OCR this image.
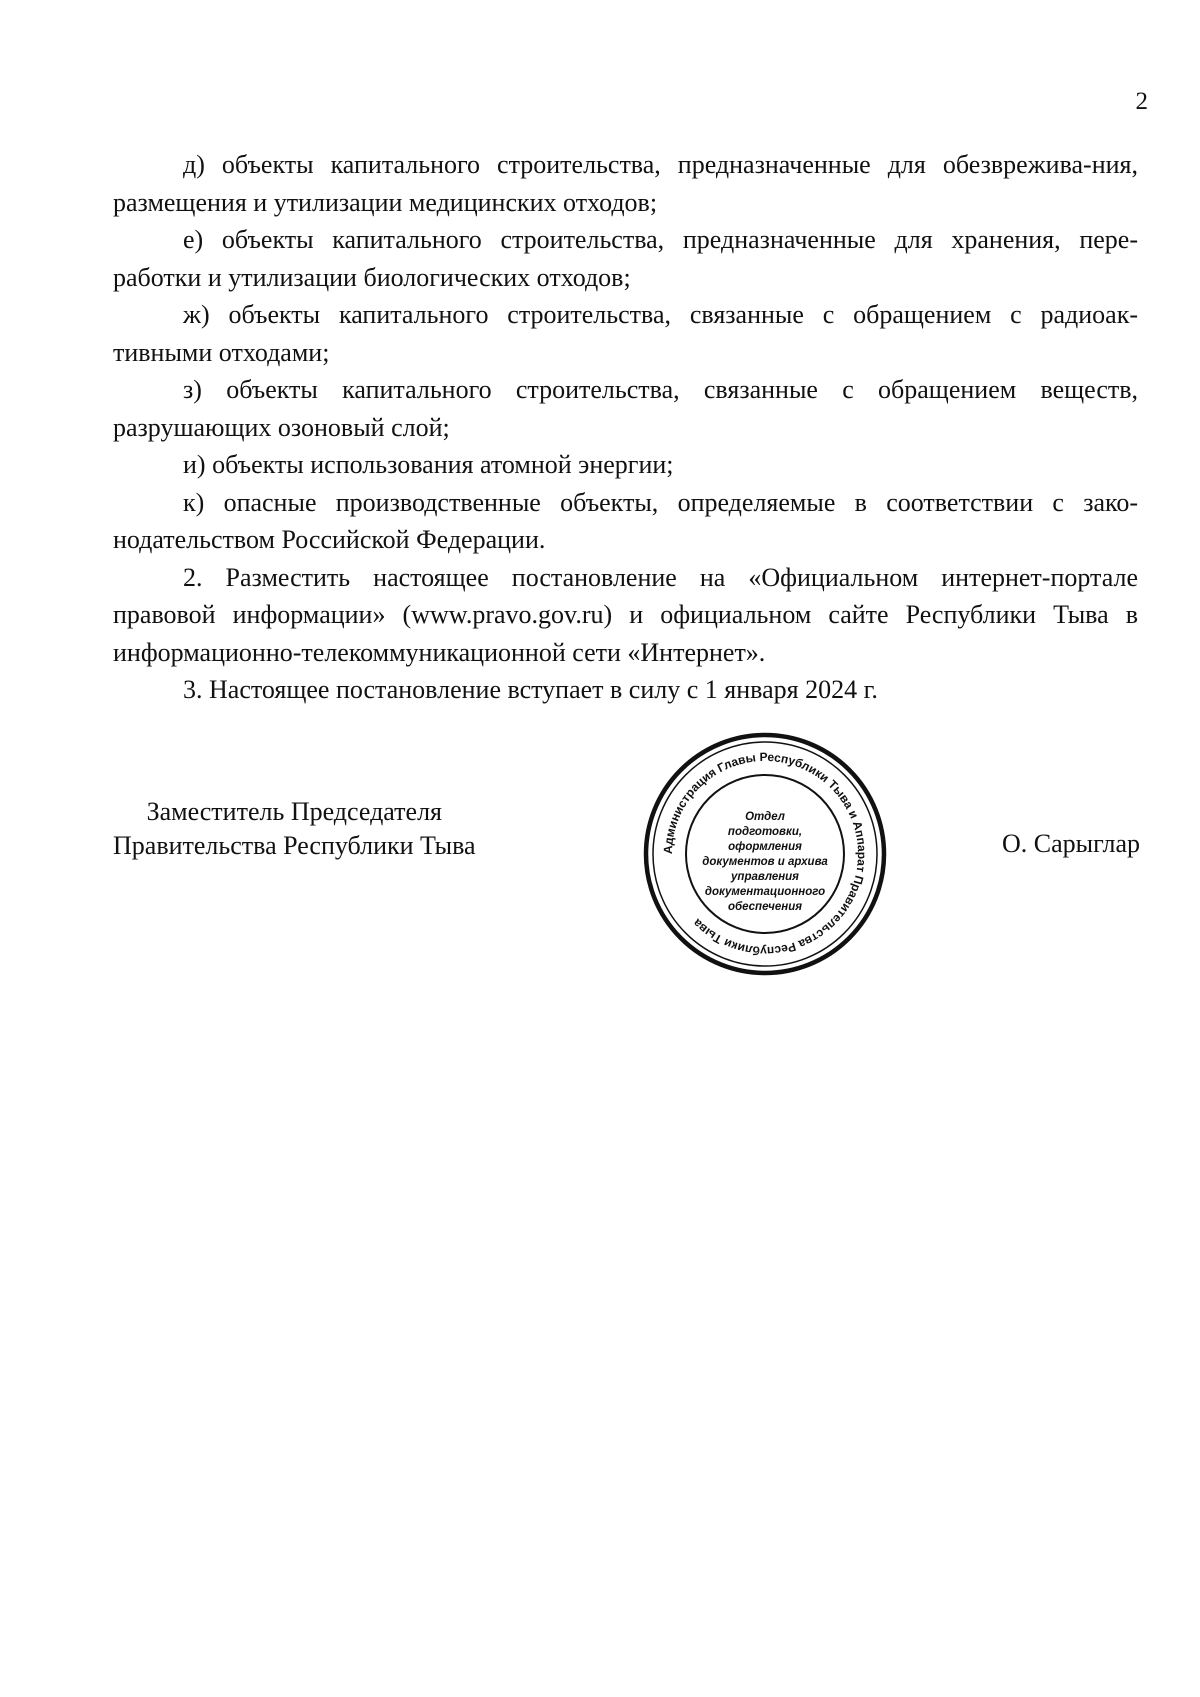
2

д) объекты капитального строительства, предназначенные для обезврежива-ния, размещения и утилизации медицинских отходов;

е) объекты капитального строительства, предназначенные для хранения, пере-работки и утилизации биологических отходов;

ж) объекты капитального строительства, связанные с обращением с радиоак-тивными отходами;

з) объекты капитального строительства, связанные с обращением веществ, разрушающих озоновый слой;

и) объекты использования атомной энергии;

к) опасные производственные объекты, определяемые в соответствии с зако-нодательством Российской Федерации.

2. Разместить настоящее постановление на «Официальном интернет-портале правовой информации» (www.pravo.gov.ru) и официальном сайте Республики Тыва в информационно-телекоммуникационной сети «Интернет».

3. Настоящее постановление вступает в силу с 1 января 2024 г.

Заместитель Председателя
Правительства Республики Тыва	О. Сарыглар
Администрация Главы Республики Тыва и Аппарат Правительства Республики Тыва
Отдел
подготовки,
оформления
документов и архива
управления
документационного
обеспечения
